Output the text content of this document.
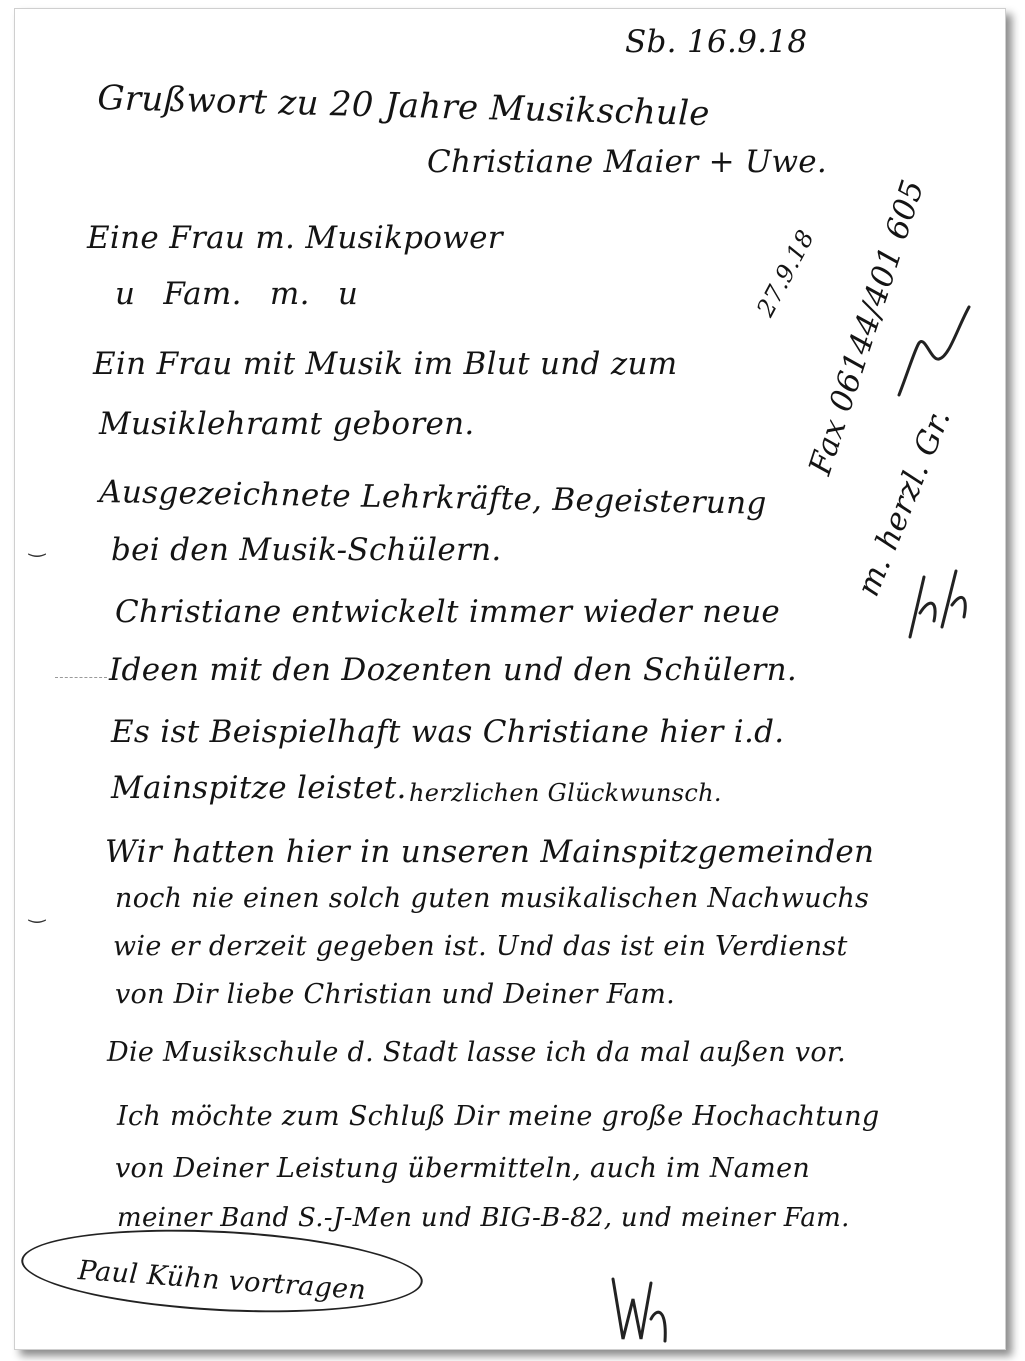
Sb. 16.9.18

Grußwort zu 20 Jahre Musikschule

Christiane Maier + Uwe.

Eine Frau m. Musikpower

u Fam. m. u

Ein Frau mit Musik im Blut und zum

Musiklehramt geboren.

Ausgezeichnete Lehrkräfte, Begeisterung

‿ bei den Musik-Schülern.

Christiane entwickelt immer wieder neue

Ideen mit den Dozenten und den Schülern.

Es ist Beispielhaft was Christiane hier i.d.

Mainspitze leistet. herzlichen Glückwunsch.

Wir hatten hier in unseren Mainspitzgemeinden

‿	noch nie einen solch guten musikalischen Nachwuchs

wie er derzeit gegeben ist. Und das ist ein Verdienst

von Dir liebe Christian und Deiner Fam.

Die Musikschule d. Stadt lasse ich da mal außen vor.

Ich möchte zum Schluß Dir meine große Hochachtung

von Deiner Leistung übermitteln, auch im Namen

meiner Band S.-J-Men und BIG-B-82, und meiner Fam.

27.9.18

Fax 06144/401 605

m. herzl. Gr.

Paul Kühn vortragen
